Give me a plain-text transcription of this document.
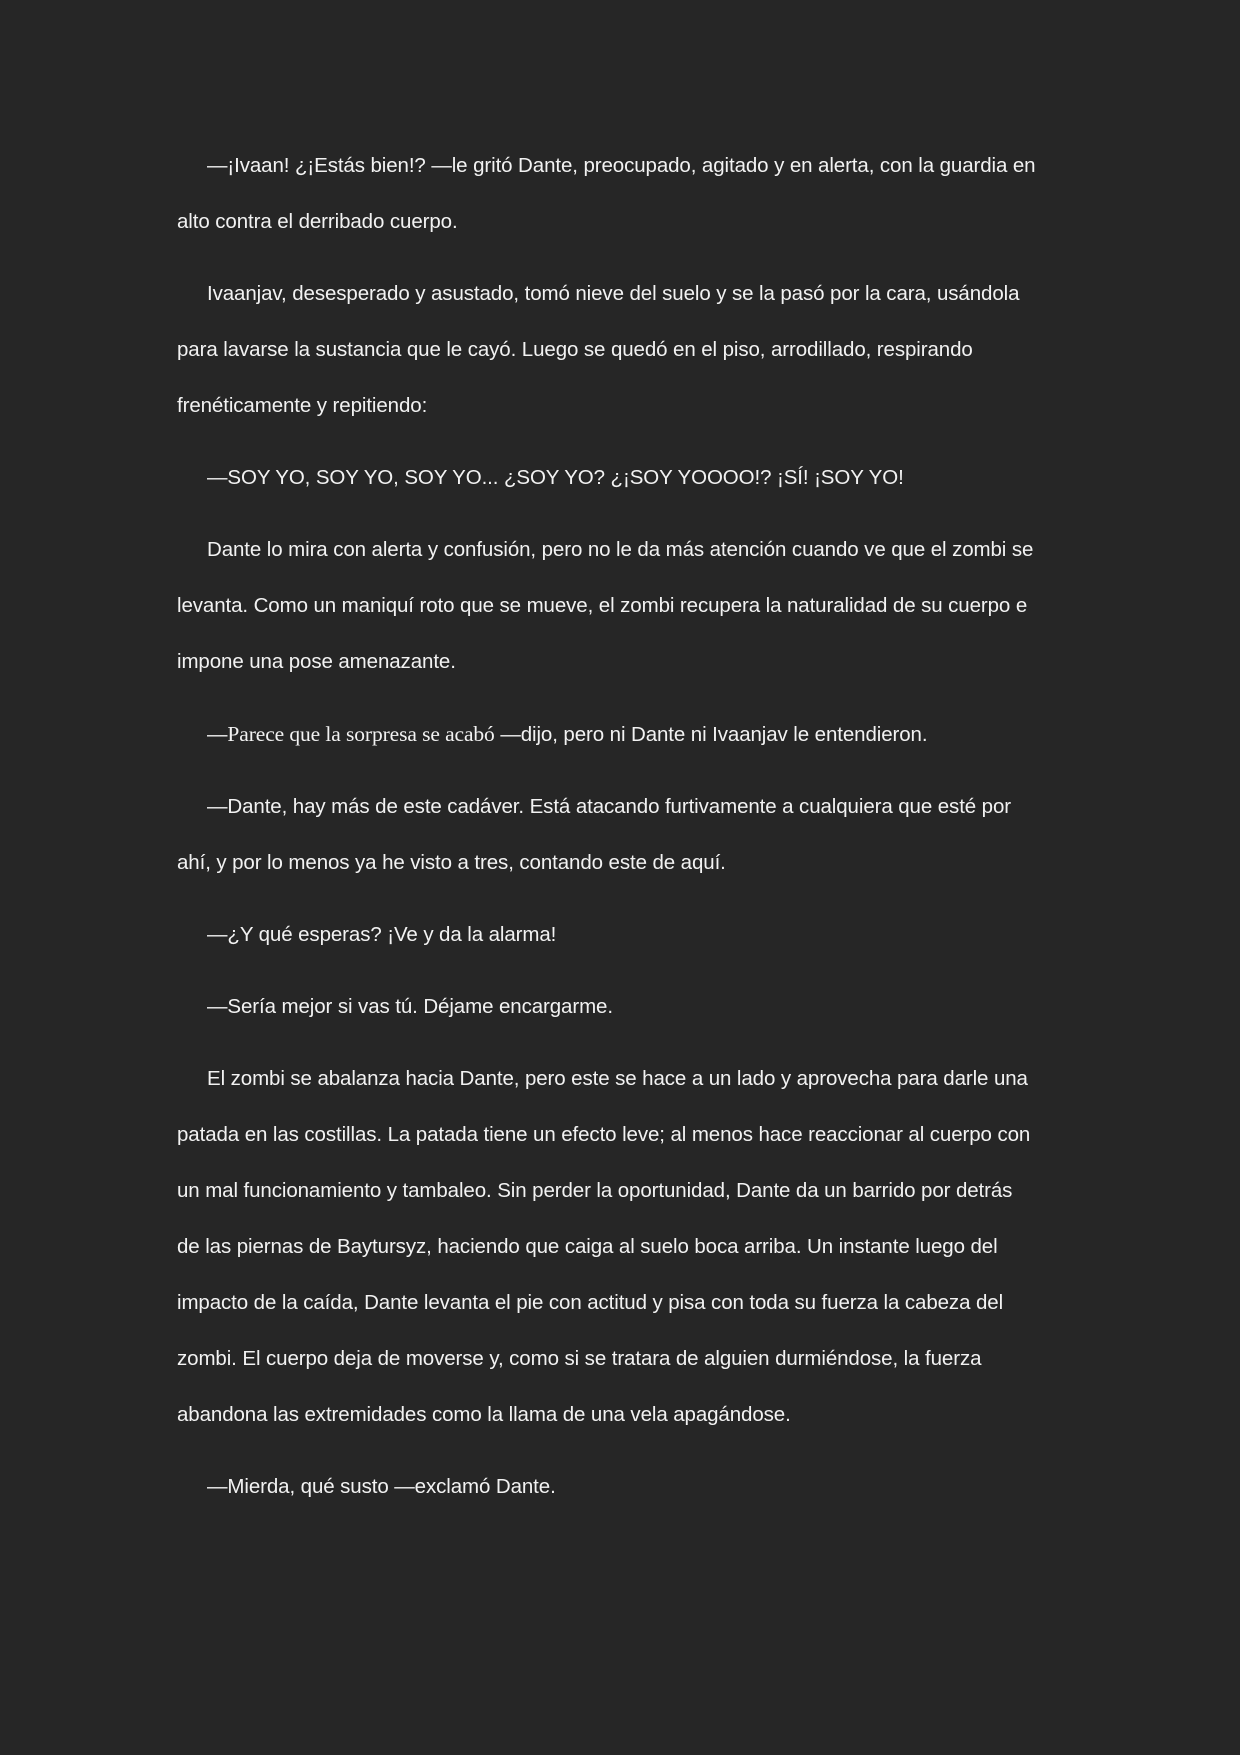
—¡Ivaan! ¿¡Estás bien!? —le gritó Dante, preocupado, agitado y en alerta, con la guardia en
alto contra el derribado cuerpo.

Ivaanjav, desesperado y asustado, tomó nieve del suelo y se la pasó por la cara, usándola
para lavarse la sustancia que le cayó. Luego se quedó en el piso, arrodillado, respirando
frenéticamente y repitiendo:

—SOY YO, SOY YO, SOY YO... ¿SOY YO? ¿¡SOY YOOOO!? ¡SÍ! ¡SOY YO!

Dante lo mira con alerta y confusión, pero no le da más atención cuando ve que el zombi se
levanta. Como un maniquí roto que se mueve, el zombi recupera la naturalidad de su cuerpo e
impone una pose amenazante.

—Parece que la sorpresa se acabó —dijo, pero ni Dante ni Ivaanjav le entendieron.

—Dante, hay más de este cadáver. Está atacando furtivamente a cualquiera que esté por
ahí, y por lo menos ya he visto a tres, contando este de aquí.

—¿Y qué esperas? ¡Ve y da la alarma!

—Sería mejor si vas tú. Déjame encargarme.

El zombi se abalanza hacia Dante, pero este se hace a un lado y aprovecha para darle una
patada en las costillas. La patada tiene un efecto leve; al menos hace reaccionar al cuerpo con
un mal funcionamiento y tambaleo. Sin perder la oportunidad, Dante da un barrido por detrás
de las piernas de Baytursyz, haciendo que caiga al suelo boca arriba. Un instante luego del
impacto de la caída, Dante levanta el pie con actitud y pisa con toda su fuerza la cabeza del
zombi. El cuerpo deja de moverse y, como si se tratara de alguien durmiéndose, la fuerza
abandona las extremidades como la llama de una vela apagándose.

—Mierda, qué susto —exclamó Dante.
